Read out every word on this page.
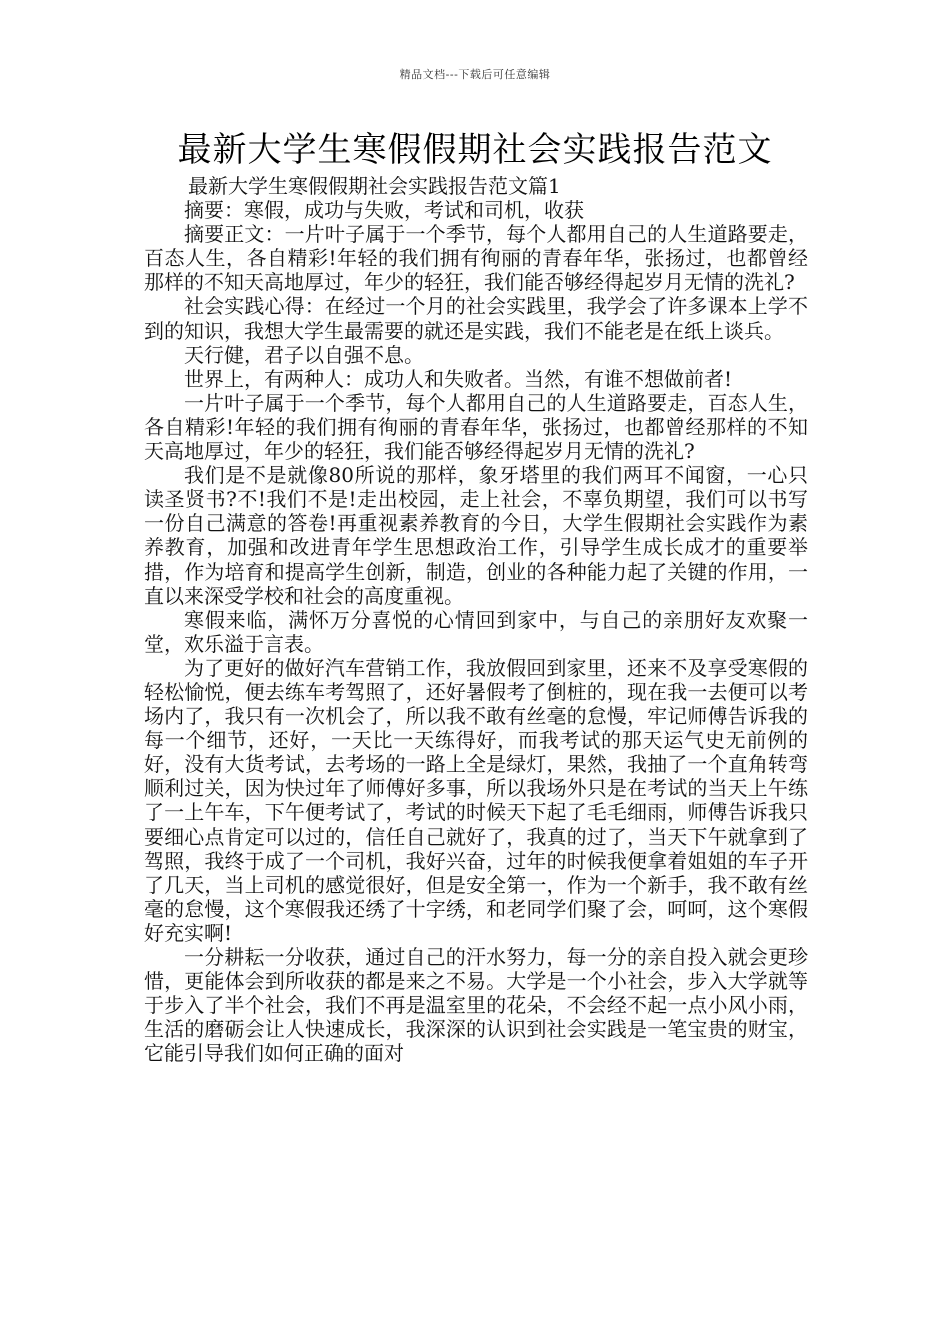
精品文档---下载后可任意编辑
最新大学生寒假假期社会实践报告范文

最新大学生寒假假期社会实践报告范文篇1

摘要：寒假，成功与失败，考试和司机，收获

摘要正文：一片叶子属于一个季节，每个人都用自己的人生道路要走，百态人生，各自精彩!年轻的我们拥有徇丽的青春年华，张扬过，也都曾经那样的不知天高地厚过，年少的轻狂，我们能否够经得起岁月无情的洗礼?

社会实践心得：在经过一个月的社会实践里，我学会了许多课本上学不到的知识，我想大学生最需要的就还是实践，我们不能老是在纸上谈兵。

天行健，君子以自强不息。

世界上，有两种人：成功人和失败者。当然，有谁不想做前者!

一片叶子属于一个季节，每个人都用自己的人生道路要走，百态人生，各自精彩!年轻的我们拥有徇丽的青春年华，张扬过，也都曾经那样的不知天高地厚过，年少的轻狂，我们能否够经得起岁月无情的洗礼?

我们是不是就像80所说的那样，象牙塔里的我们两耳不闻窗，一心只读圣贤书?不!我们不是!走出校园，走上社会，不辜负期望，我们可以书写一份自己满意的答卷!再重视素养教育的今日，大学生假期社会实践作为素养教育，加强和改进青年学生思想政治工作，引导学生成长成才的重要举措，作为培育和提高学生创新，制造，创业的各种能力起了关键的作用，一直以来深受学校和社会的高度重视。

寒假来临，满怀万分喜悦的心情回到家中，与自己的亲朋好友欢聚一堂，欢乐溢于言表。

为了更好的做好汽车营销工作，我放假回到家里，还来不及享受寒假的轻松愉悦，便去练车考驾照了，还好暑假考了倒桩的，现在我一去便可以考场内了，我只有一次机会了，所以我不敢有丝毫的怠慢，牢记师傅告诉我的每一个细节，还好，一天比一天练得好，而我考试的那天运气史无前例的好，没有大货考试，去考场的一路上全是绿灯，果然，我抽了一个直角转弯顺利过关，因为快过年了师傅好多事，所以我场外只是在考试的当天上午练了一上午车，下午便考试了，考试的时候天下起了毛毛细雨，师傅告诉我只要细心点肯定可以过的，信任自己就好了，我真的过了，当天下午就拿到了驾照，我终于成了一个司机，我好兴奋，过年的时候我便拿着姐姐的车子开了几天，当上司机的感觉很好，但是安全第一，作为一个新手，我不敢有丝毫的怠慢，这个寒假我还绣了十字绣，和老同学们聚了会，呵呵，这个寒假好充实啊!

一分耕耘一分收获，通过自己的汗水努力，每一分的亲自投入就会更珍惜，更能体会到所收获的都是来之不易。大学是一个小社会，步入大学就等于步入了半个社会，我们不再是温室里的花朵，不会经不起一点小风小雨，生活的磨砺会让人快速成长，我深深的认识到社会实践是一笔宝贵的财宝，它能引导我们如何正确的面对
